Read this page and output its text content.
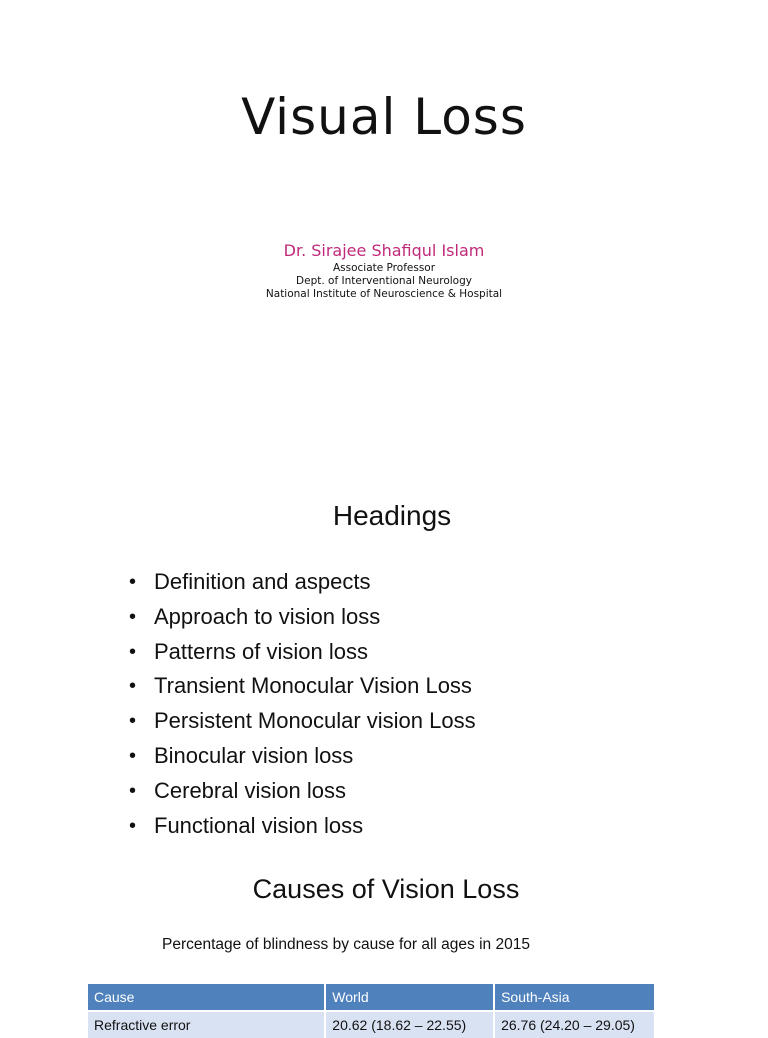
Visual Loss
Dr. Sirajee Shafiqul Islam
Associate Professor
Dept. of Interventional Neurology
National Institute of Neuroscience & Hospital
Headings
• Definition and aspects
• Approach to vision loss
• Patterns of vision loss
• Transient Monocular Vision Loss
• Persistent Monocular vision Loss
• Binocular vision loss
• Cerebral vision loss
• Functional vision loss
Causes of Vision Loss
Percentage of blindness by cause for all ages in 2015
Cause	World	South-Asia
Refractive error	20.62 (18.62 – 22.55)	26.76 (24.20 – 29.05)
